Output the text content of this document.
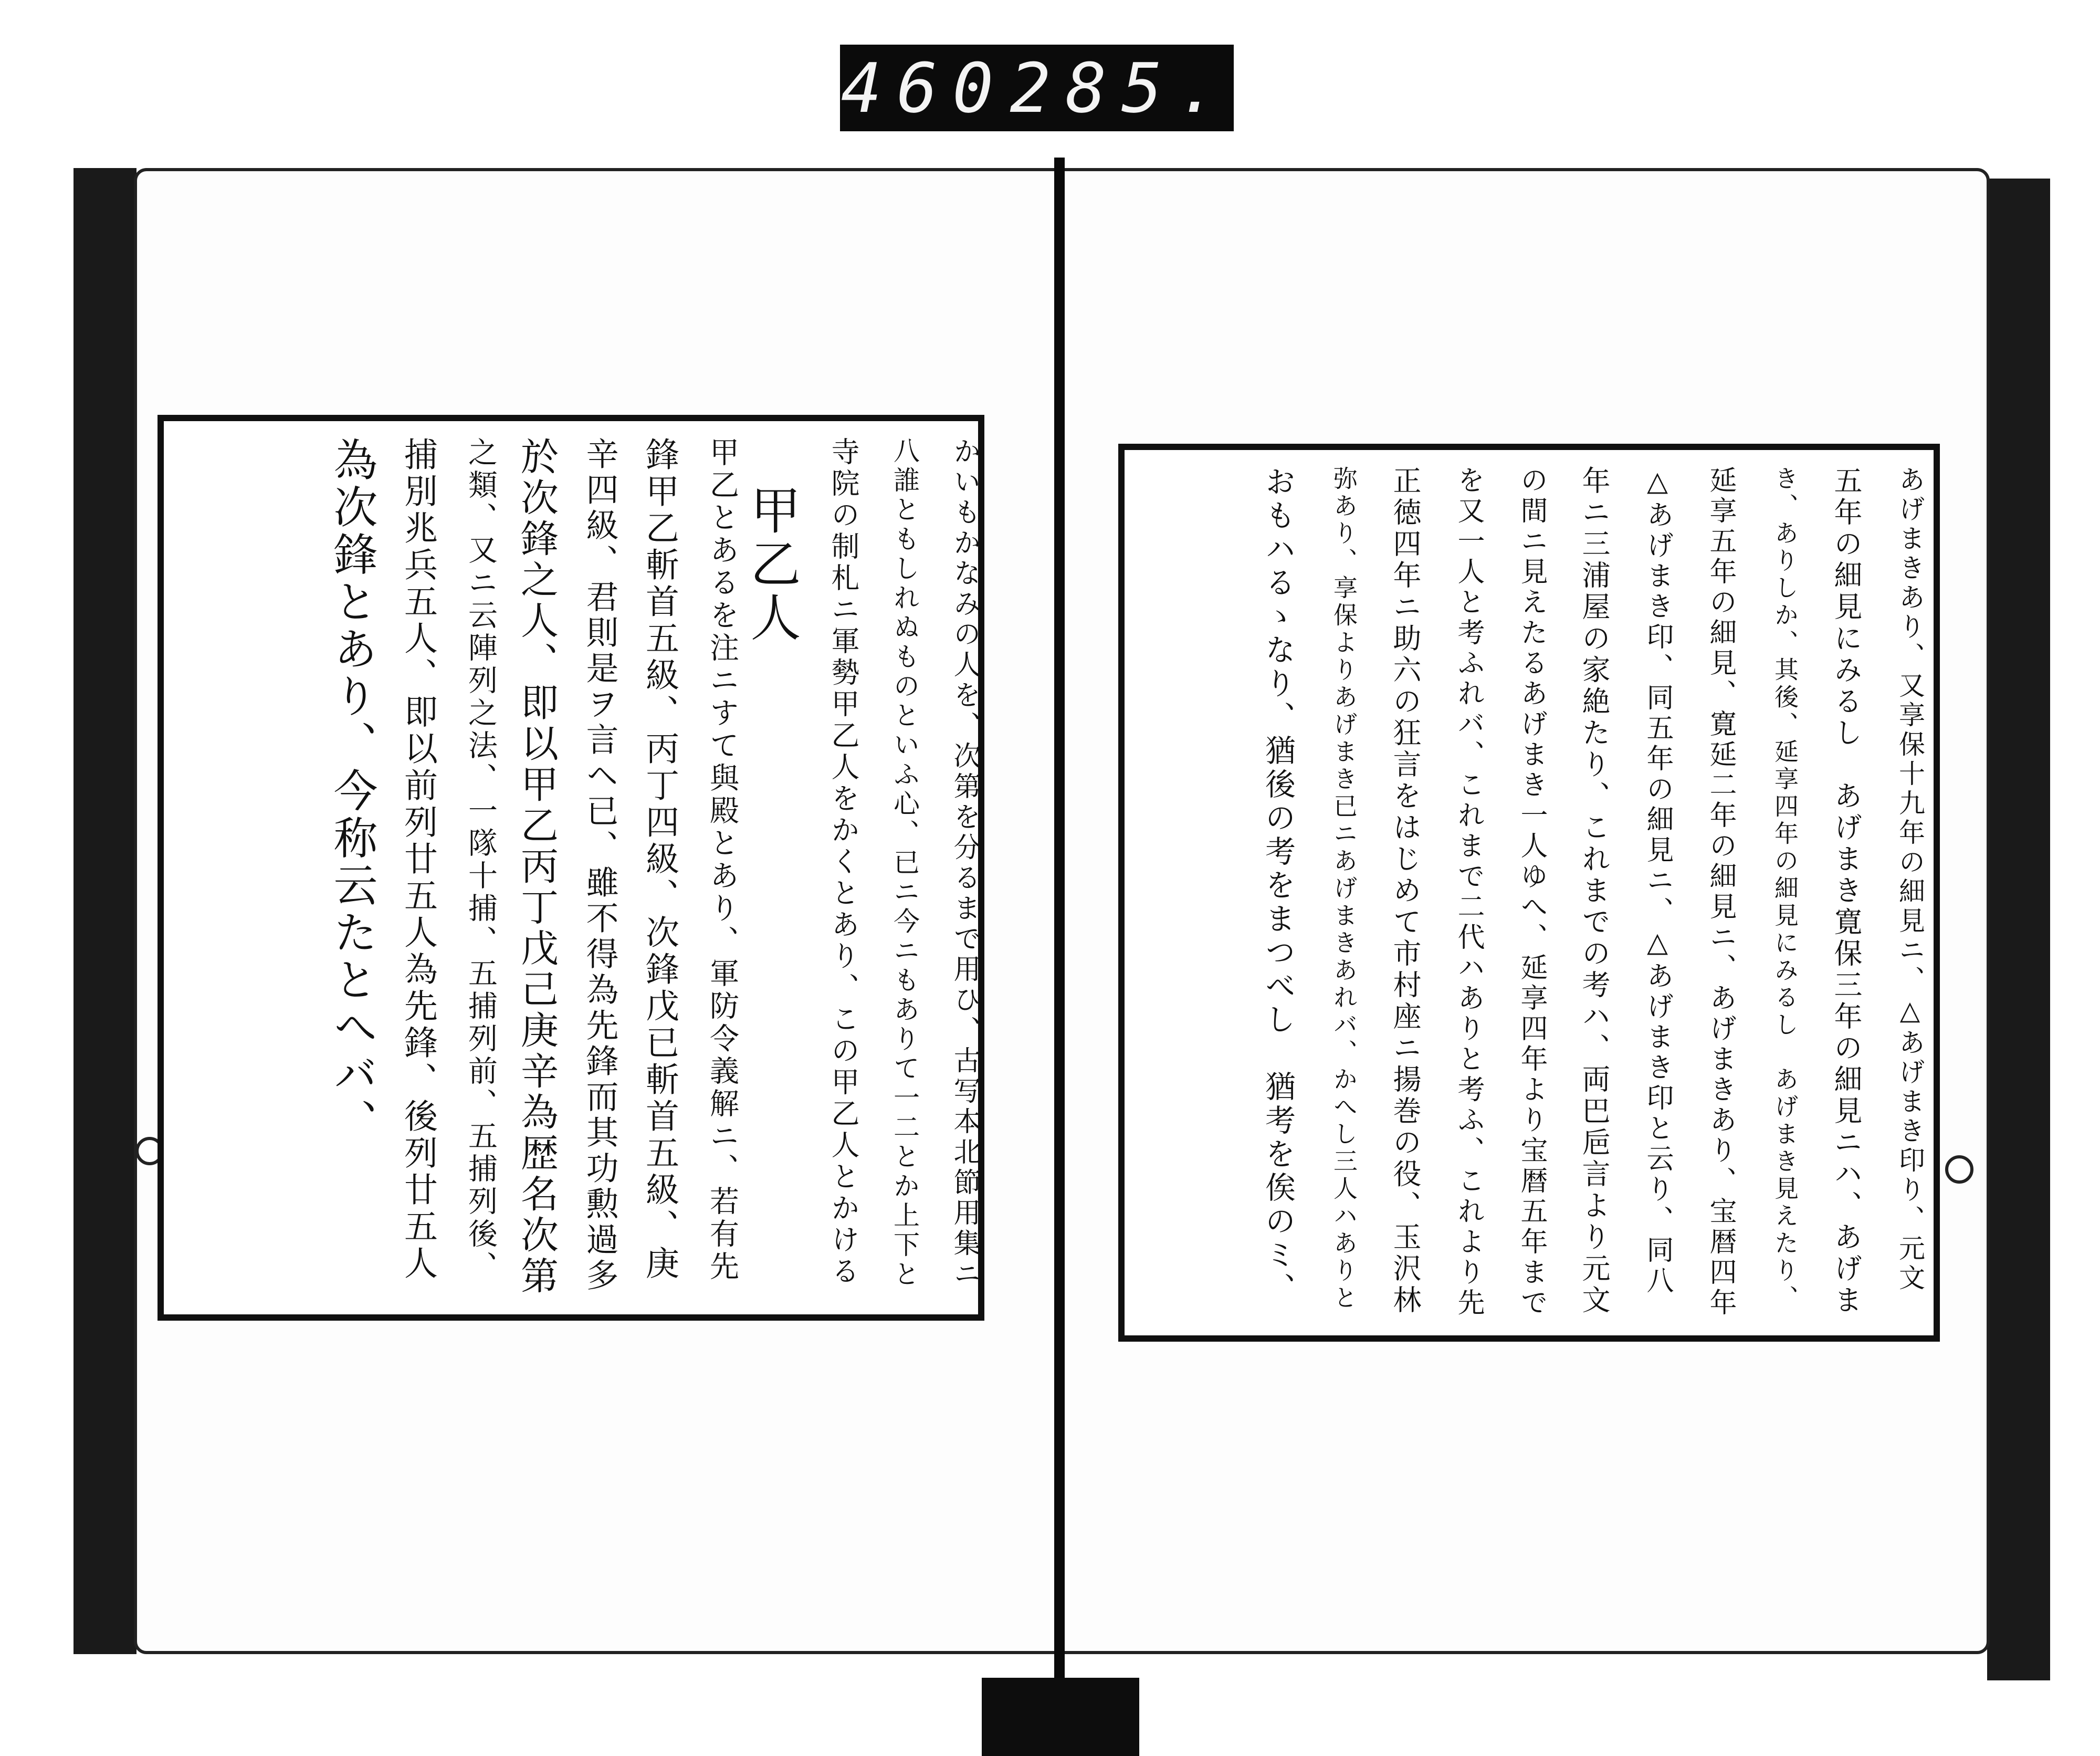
460 285.
甲乙人 寺院の制札ニ軍勢甲乙人をかくとあり、この甲乙人とかける 八誰ともしれぬものといふ心、已ニ今ニもありて一二とか上下と かいもかなみの人を、次第を分るまで用ひ、古写本北節用集ニ
甲乙とあるを注ニすて與殿とあり、軍防令義解ニ、若有先
鋒甲乙斬首五級、丙丁四級、次鋒戊已斬首五級、庚
辛四級、君則是ヲ言ヘ已、雖不得為先鋒而其功勲過多
於次鋒之人、即以甲乙丙丁戊己庚辛為歴名次第
之類、又ニ云陣列之法、一隊十捕、五捕列前、五捕列後、
捕別兆兵五人、即以前列廿五人為先鋒、後列廿五人
為次鋒とあり、今称云たとへバ、	あげまきあり、又享保十九年の細見ニ、△あげまき印り、元文
五年の細見にみるし　あげまき寛保三年の細見ニハ、あげま
き、ありしか、其後、延享四年の細見にみるし　あげまき見えたり、
延享五年の細見、寛延二年の細見ニ、あげまきあり、宝暦四年
△あげまき印、同五年の細見ニ、△あげまき印と云り、同八
年ニ三浦屋の家絶たり、これまでの考ハ、両巴巵言より元文
の間ニ見えたるあげまき一人ゆへ、延享四年より宝暦五年まで
を又一人と考ふれバ、これまで二代ハありと考ふ、これより先
正徳四年ニ助六の狂言をはじめて市村座ニ揚巻の役、玉沢林
弥あり、享保よりあげまき已ニあげまきあれバ、かへし三人ハありと
おもハるゝなり、猶後の考をまつべし　猶考を俟のミ、
